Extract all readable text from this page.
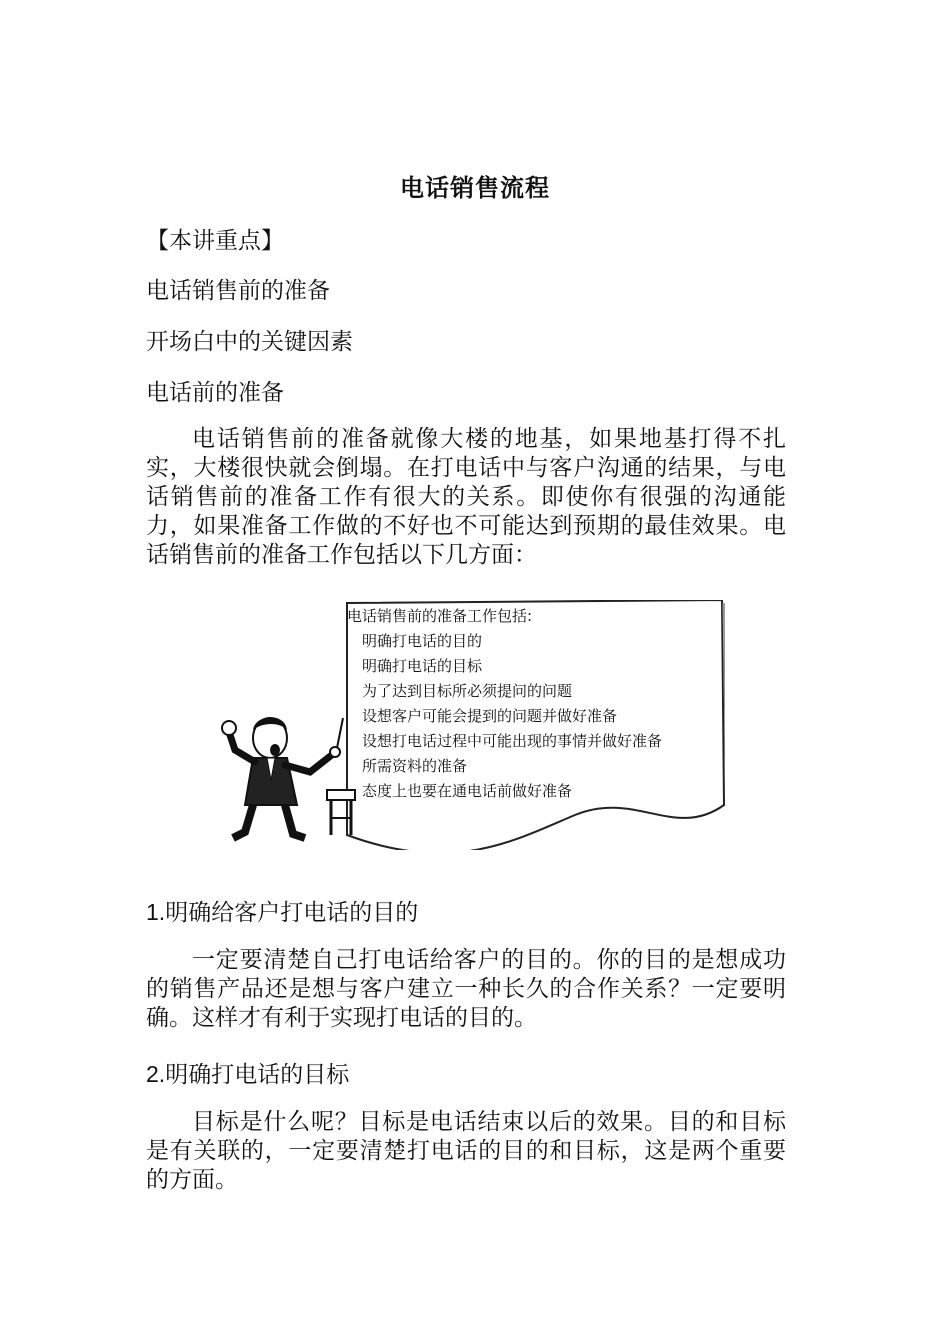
电话销售流程
【本讲重点】
电话销售前的准备
开场白中的关键因素
电话前的准备
电话销售前的准备就像大楼的地基，如果地基打得不扎实，大楼很快就会倒塌。在打电话中与客户沟通的结果，与电话销售前的准备工作有很大的关系。即使你有很强的沟通能力，如果准备工作做的不好也不可能达到预期的最佳效果。电话销售前的准备工作包括以下几方面：
电话销售前的准备工作包括:
明确打电话的目的
明确打电话的目标
为了达到目标所必须提问的问题
设想客户可能会提到的问题并做好准备
设想打电话过程中可能出现的事情并做好准备
所需资料的准备
态度上也要在通电话前做好准备
1.明确给客户打电话的目的
一定要清楚自己打电话给客户的目的。你的目的是想成功的销售产品还是想与客户建立一种长久的合作关系？一定要明确。这样才有利于实现打电话的目的。
2.明确打电话的目标
目标是什么呢？目标是电话结束以后的效果。目的和目标是有关联的，一定要清楚打电话的目的和目标，这是两个重要的方面。
